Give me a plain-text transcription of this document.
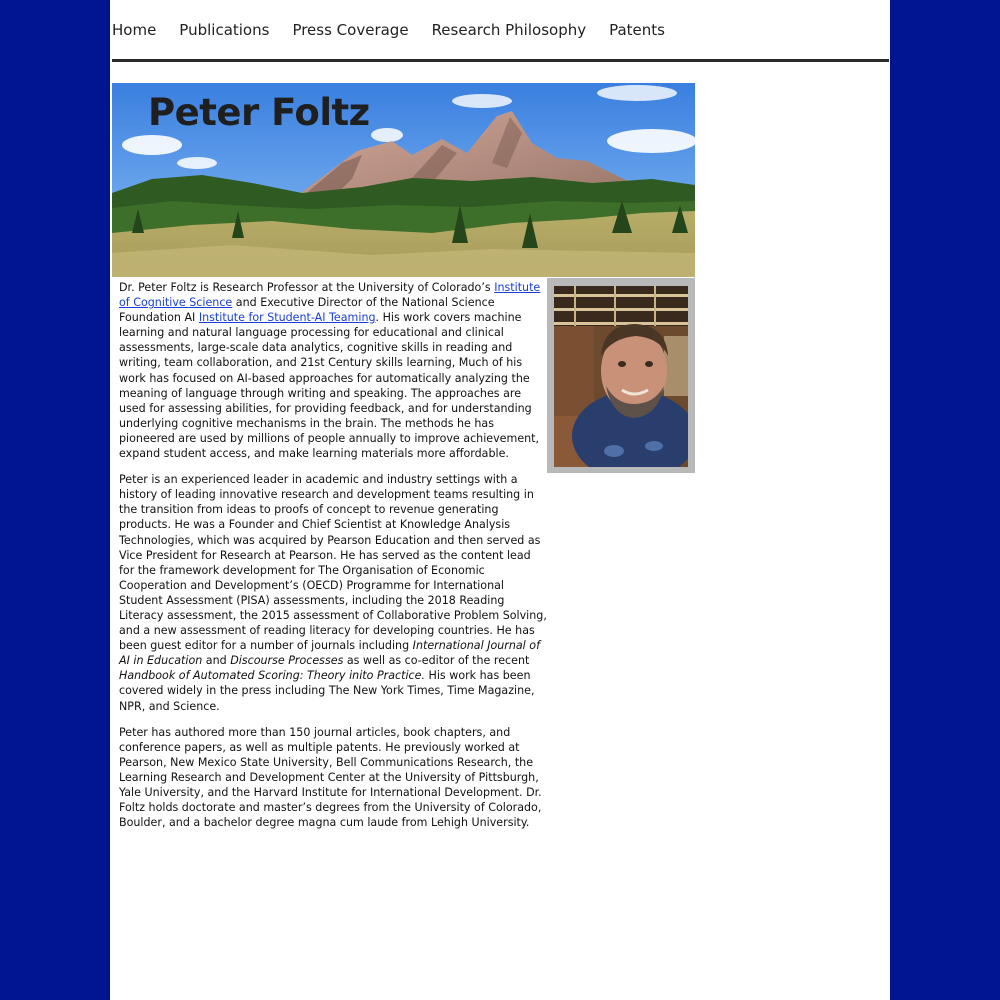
Home Publications Press Coverage Research Philosophy Patents
Peter Foltz

Dr. Peter Foltz is Research Professor at the University of Colorado’s Institute of Cognitive Science and Executive Director of the National Science Foundation AI Institute for Student-AI Teaming. His work covers machine learning and natural language processing for educational and clinical assessments, large-scale data analytics, cognitive skills in reading and writing, team collaboration, and 21st Century skills learning, Much of his work has focused on AI-based approaches for automatically analyzing the meaning of language through writing and speaking. The approaches are used for assessing abilities, for providing feedback, and for understanding underlying cognitive mechanisms in the brain. The methods he has pioneered are used by millions of people annually to improve achievement, expand student access, and make learning materials more affordable.

Peter is an experienced leader in academic and industry settings with a history of leading innovative research and development teams resulting in the transition from ideas to proofs of concept to revenue generating products. He was a Founder and Chief Scientist at Knowledge Analysis Technologies, which was acquired by Pearson Education and then served as Vice President for Research at Pearson. He has served as the content lead for the framework development for The Organisation of Economic Cooperation and Development’s (OECD) Programme for International Student Assessment (PISA) assessments, including the 2018 Reading Literacy assessment, the 2015 assessment of Collaborative Problem Solving, and a new assessment of reading literacy for developing countries. He has been guest editor for a number of journals including International Journal of AI in Education and Discourse Processes as well as co-editor of the recent Handbook of Automated Scoring: Theory inito Practice. His work has been covered widely in the press including The New York Times, Time Magazine, NPR, and Science.

Peter has authored more than 150 journal articles, book chapters, and conference papers, as well as multiple patents. He previously worked at Pearson, New Mexico State University, Bell Communications Research, the Learning Research and Development Center at the University of Pittsburgh, Yale University, and the Harvard Institute for International Development. Dr. Foltz holds doctorate and master’s degrees from the University of Colorado, Boulder, and a bachelor degree magna cum laude from Lehigh University.
